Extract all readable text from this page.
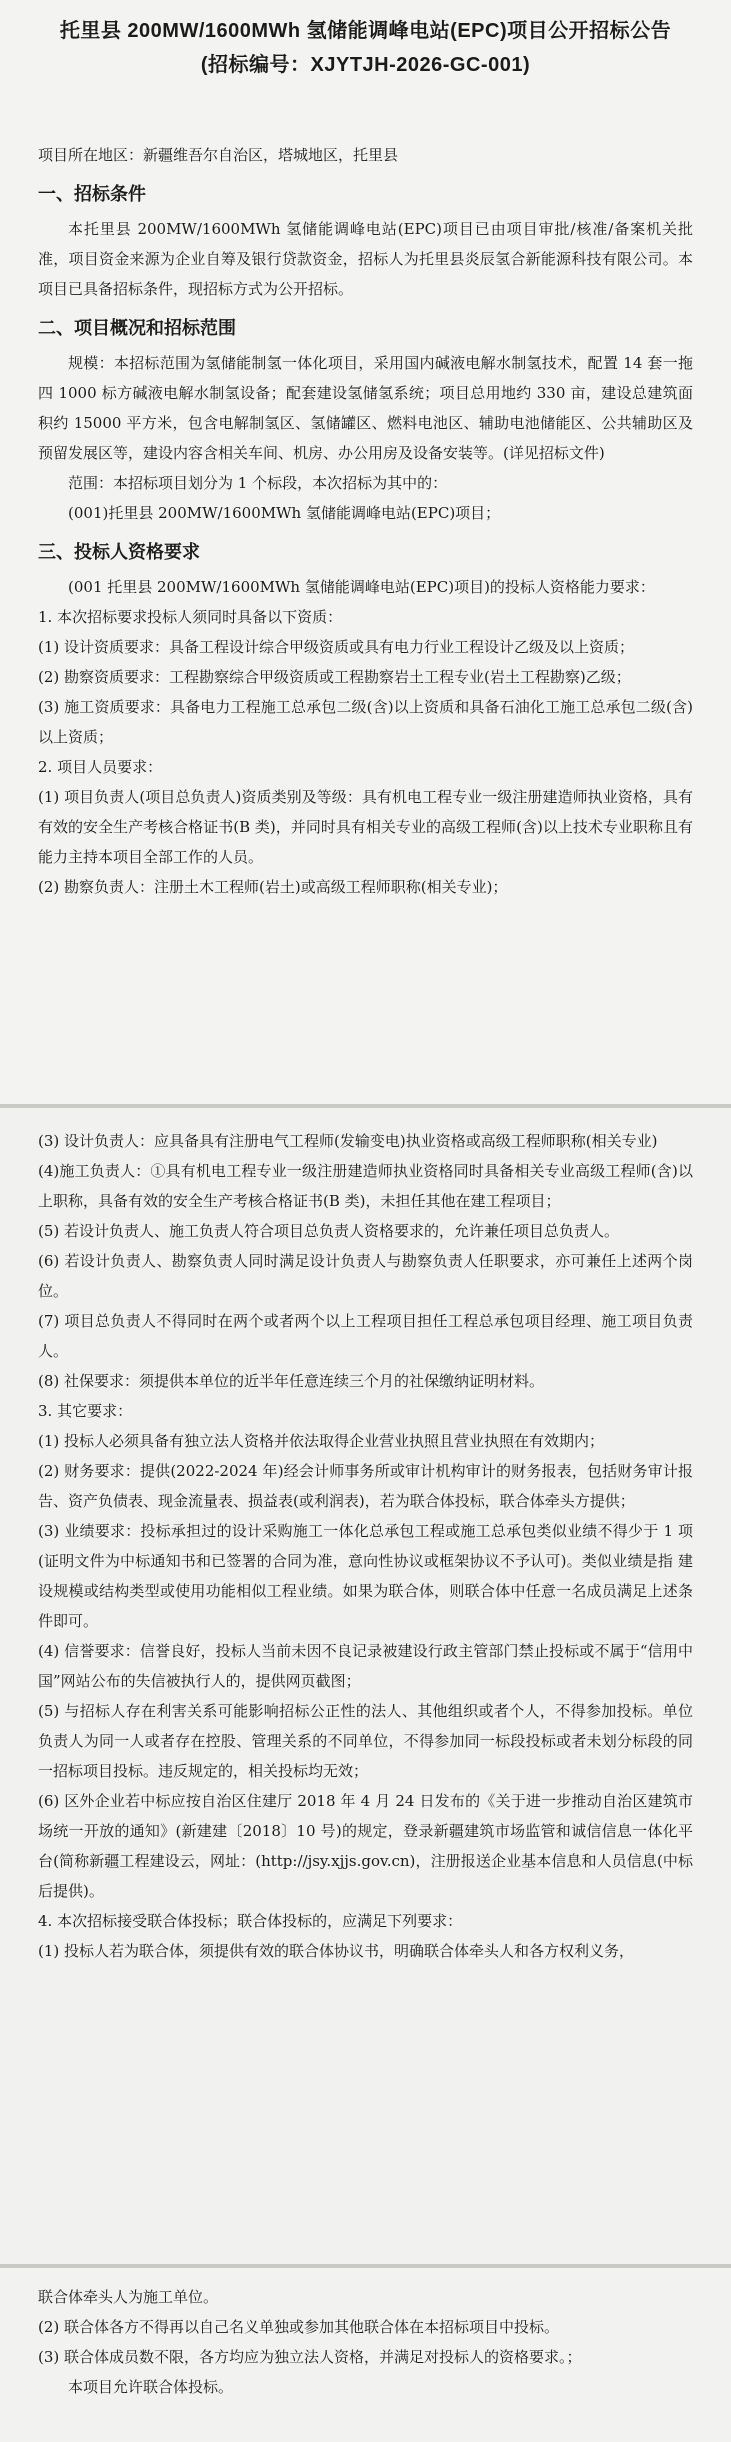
托里县 200MW/1600MWh 氢储能调峰电站(EPC)项目公开招标公告
(招标编号：XJYTJH-2026-GC-001)

项目所在地区：新疆维吾尔自治区，塔城地区，托里县

一、招标条件

本托里县 200MW/1600MWh 氢储能调峰电站(EPC)项目已由项目审批/核准/备案机关批准，项目资金来源为企业自筹及银行贷款资金，招标人为托里县炎辰氢合新能源科技有限公司。本项目已具备招标条件，现招标方式为公开招标。

二、项目概况和招标范围

规模：本招标范围为氢储能制氢一体化项目，采用国内碱液电解水制氢技术，配置 14 套一拖四 1000 标方碱液电解水制氢设备；配套建设氢储氢系统；项目总用地约 330 亩，建设总建筑面积约 15000 平方米，包含电解制氢区、氢储罐区、燃料电池区、辅助电池储能区、公共辅助区及预留发展区等，建设内容含相关车间、机房、办公用房及设备安装等。(详见招标文件)

范围：本招标项目划分为 1 个标段，本次招标为其中的：

(001)托里县 200MW/1600MWh 氢储能调峰电站(EPC)项目；

三、投标人资格要求

(001 托里县 200MW/1600MWh 氢储能调峰电站(EPC)项目)的投标人资格能力要求：

1. 本次招标要求投标人须同时具备以下资质：

(1) 设计资质要求：具备工程设计综合甲级资质或具有电力行业工程设计乙级及以上资质；

(2) 勘察资质要求：工程勘察综合甲级资质或工程勘察岩土工程专业(岩土工程勘察)乙级；

(3) 施工资质要求：具备电力工程施工总承包二级(含)以上资质和具备石油化工施工总承包二级(含)以上资质；

2. 项目人员要求：

(1) 项目负责人(项目总负责人)资质类别及等级：具有机电工程专业一级注册建造师执业资格，具有有效的安全生产考核合格证书(B 类)，并同时具有相关专业的高级工程师(含)以上技术专业职称且有能力主持本项目全部工作的人员。

(2) 勘察负责人：注册土木工程师(岩土)或高级工程师职称(相关专业)；

(3) 设计负责人：应具备具有注册电气工程师(发输变电)执业资格或高级工程师职称(相关专业)

(4)施工负责人：①具有机电工程专业一级注册建造师执业资格同时具备相关专业高级工程师(含)以上职称，具备有效的安全生产考核合格证书(B 类)，未担任其他在建工程项目；

(5) 若设计负责人、施工负责人符合项目总负责人资格要求的，允许兼任项目总负责人。

(6) 若设计负责人、勘察负责人同时满足设计负责人与勘察负责人任职要求，亦可兼任上述两个岗位。

(7) 项目总负责人不得同时在两个或者两个以上工程项目担任工程总承包项目经理、施工项目负责人。

(8) 社保要求：须提供本单位的近半年任意连续三个月的社保缴纳证明材料。

3. 其它要求：

(1) 投标人必须具备有独立法人资格并依法取得企业营业执照且营业执照在有效期内；

(2) 财务要求：提供(2022-2024 年)经会计师事务所或审计机构审计的财务报表，包括财务审计报告、资产负债表、现金流量表、损益表(或利润表)，若为联合体投标，联合体牵头方提供；

(3) 业绩要求：投标承担过的设计采购施工一体化总承包工程或施工总承包类似业绩不得少于 1 项(证明文件为中标通知书和已签署的合同为准，意向性协议或框架协议不予认可)。类似业绩是指 建设规模或结构类型或使用功能相似工程业绩。如果为联合体，则联合体中任意一名成员满足上述条件即可。

(4) 信誉要求：信誉良好，投标人当前未因不良记录被建设行政主管部门禁止投标或不属于“信用中国”网站公布的失信被执行人的，提供网页截图；

(5) 与招标人存在利害关系可能影响招标公正性的法人、其他组织或者个人，不得参加投标。单位负责人为同一人或者存在控股、管理关系的不同单位，不得参加同一标段投标或者未划分标段的同一招标项目投标。违反规定的，相关投标均无效；

(6) 区外企业若中标应按自治区住建厅 2018 年 4 月 24 日发布的《关于进一步推动自治区建筑市场统一开放的通知》(新建建〔2018〕10 号)的规定，登录新疆建筑市场监管和诚信信息一体化平台(简称新疆工程建设云，网址：(http://jsy.xjjs.gov.cn)，注册报送企业基本信息和人员信息(中标后提供)。

4. 本次招标接受联合体投标；联合体投标的，应满足下列要求：

(1) 投标人若为联合体，须提供有效的联合体协议书，明确联合体牵头人和各方权利义务，

联合体牵头人为施工单位。

(2) 联合体各方不得再以自己名义单独或参加其他联合体在本招标项目中投标。

(3) 联合体成员数不限，各方均应为独立法人资格，并满足对投标人的资格要求。；

本项目允许联合体投标。
